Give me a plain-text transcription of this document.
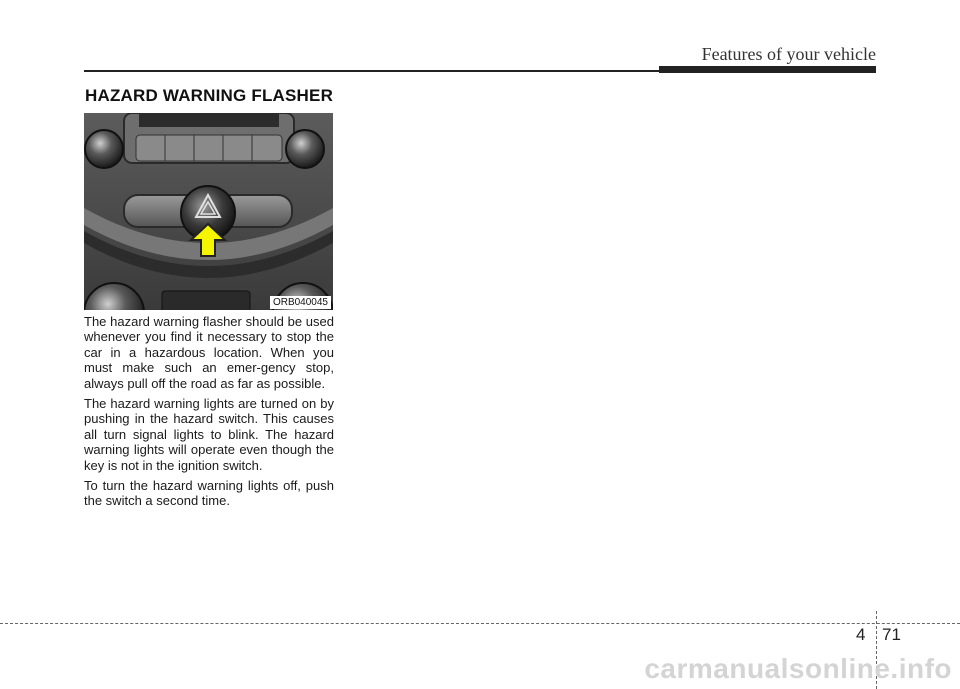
Features of your vehicle
HAZARD WARNING FLASHER
ORB040045

The hazard warning flasher should be used whenever you find it necessary to stop the car in a hazardous location. When you must make such an emer-gency stop, always pull off the road as far as possible.

The hazard warning lights are turned on by pushing in the hazard switch. This causes all turn signal lights to blink. The hazard warning lights will operate even though the key is not in the ignition switch.

To turn the hazard warning lights off, push the switch a second time.

4 71
carmanualsonline.info
